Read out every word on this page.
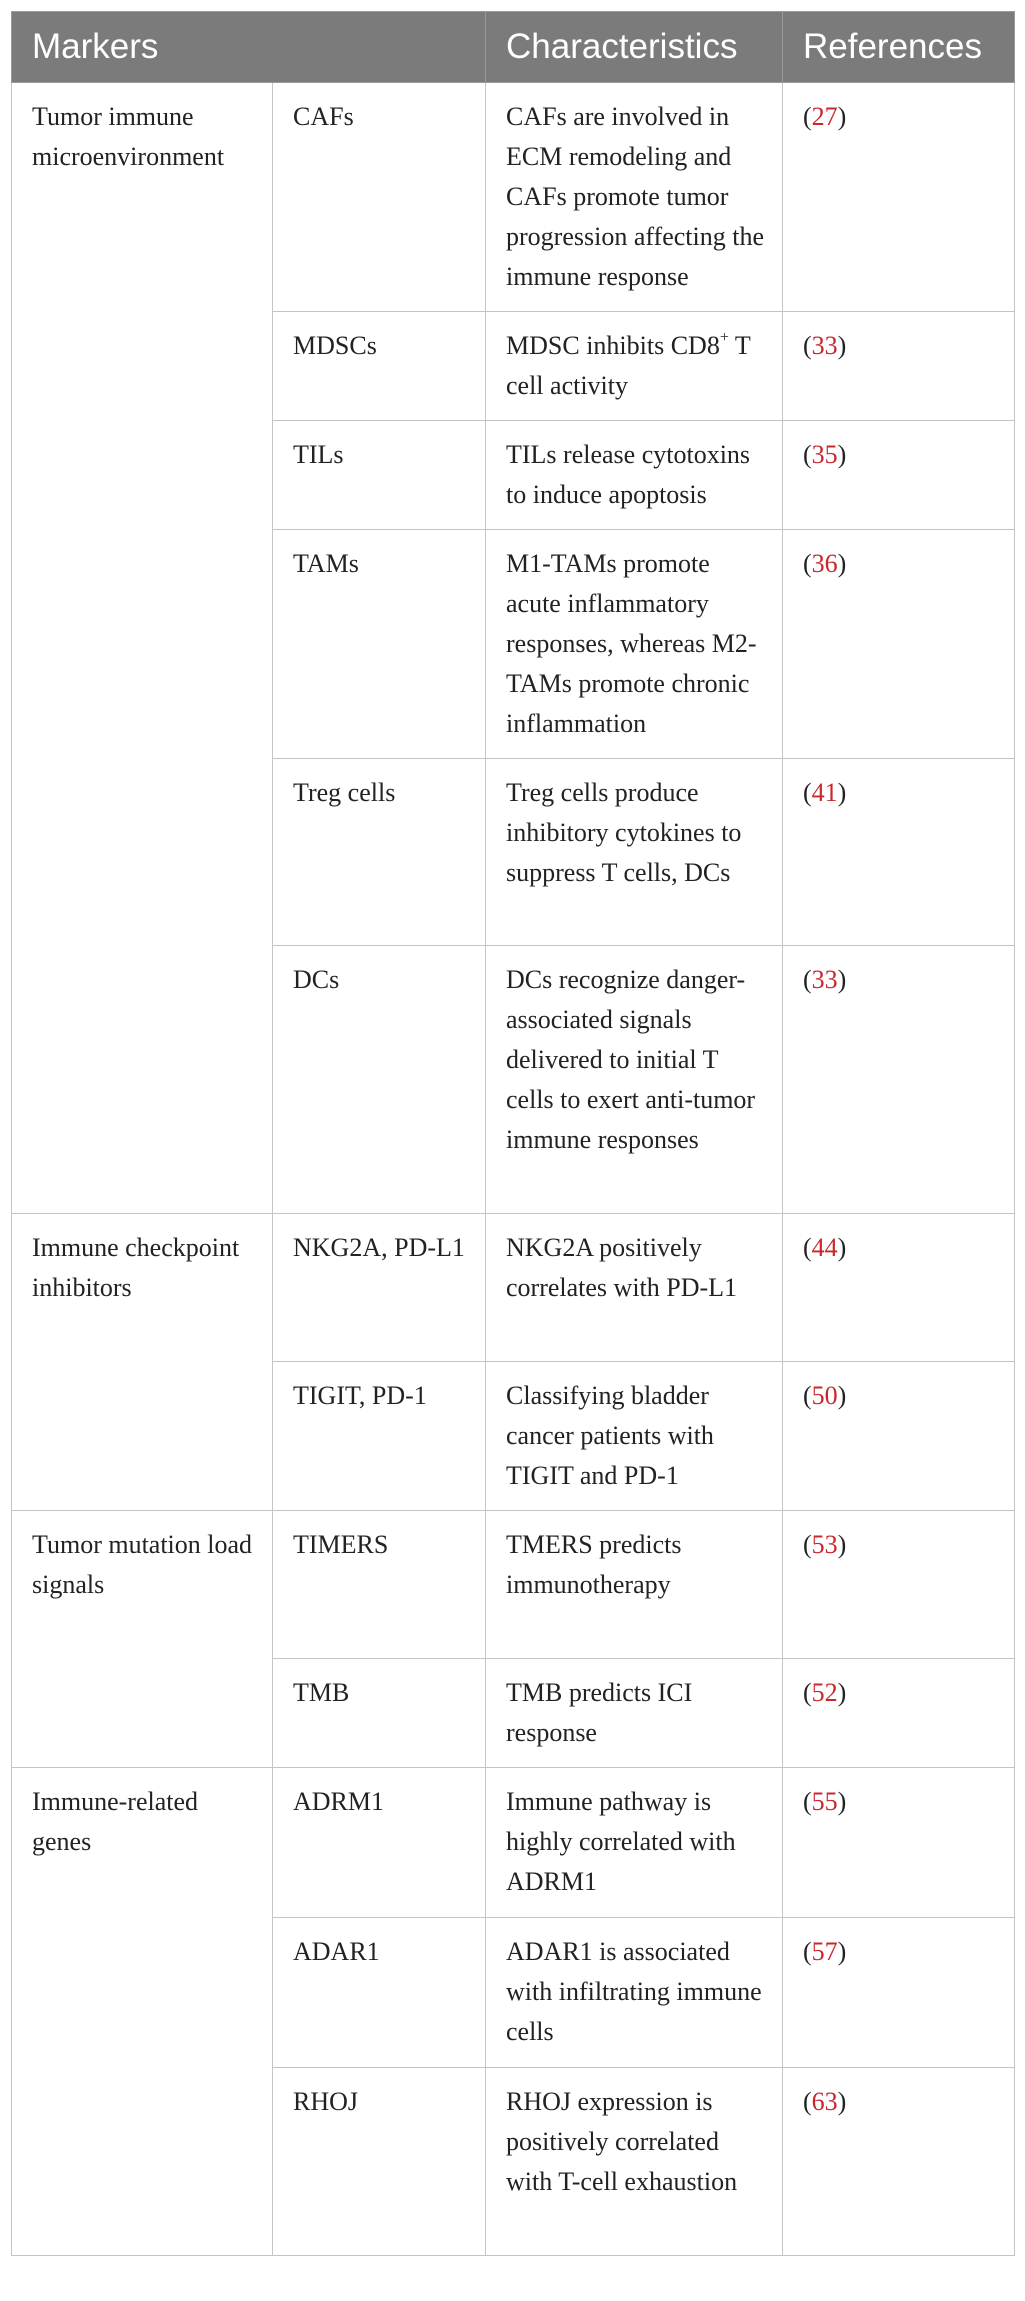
Markers		Characteristics	References
Tumor immune microenvironment	CAFs	CAFs are involved in ECM remodeling and CAFs promote tumor progression affecting the immune response	(27)
	MDSCs	MDSC inhibits CD8+ T cell activity	(33)
	TILs	TILs release cytotoxins to induce apoptosis	(35)
	TAMs	M1-TAMs promote acute inflammatory responses, whereas M2-TAMs promote chronic inflammation	(36)
	Treg cells	Treg cells produce inhibitory cytokines to suppress T cells, DCs	(41)
	DCs	DCs recognize danger-associated signals delivered to initial T cells to exert anti-tumor immune responses	(33)
Immune checkpoint inhibitors	NKG2A, PD-L1	NKG2A positively correlates with PD-L1	(44)
	TIGIT, PD-1	Classifying bladder cancer patients with TIGIT and PD-1	(50)
Tumor mutation load signals	TIMERS	TMERS predicts immunotherapy	(53)
	TMB	TMB predicts ICI response	(52)
Immune-related genes	ADRM1	Immune pathway is highly correlated with ADRM1	(55)
	ADAR1	ADAR1 is associated with infiltrating immune cells	(57)
	RHOJ	RHOJ expression is positively correlated with T-cell exhaustion	(63)
